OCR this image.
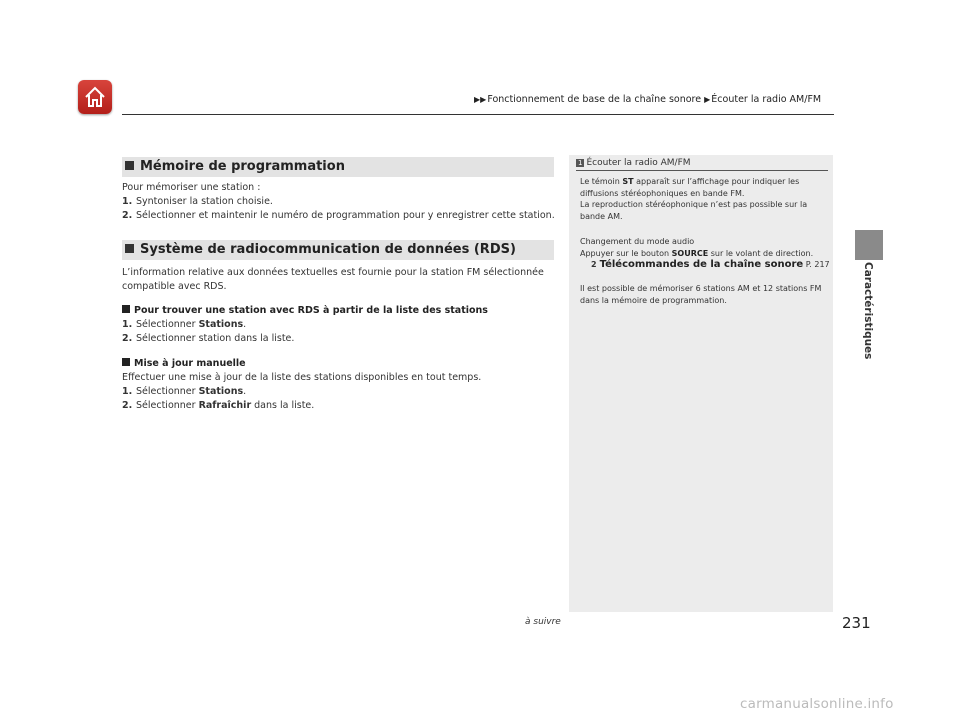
▶▶Fonctionnement de base de la chaîne sonore ▶Écouter la radio AM/FM
Mémoire de programmation
Pour mémoriser une station :
1. Syntoniser la station choisie.
2. Sélectionner et maintenir le numéro de programmation pour y enregistrer cette station.
Système de radiocommunication de données (RDS)
L’information relative aux données textuelles est fournie pour la station FM sélectionnée
compatible avec RDS.
Pour trouver une station avec RDS à partir de la liste des stations
1. Sélectionner Stations.
2. Sélectionner station dans la liste.
Mise à jour manuelle
Effectuer une mise à jour de la liste des stations disponibles en tout temps.
1. Sélectionner Stations.
2. Sélectionner Rafraîchir dans la liste.
1 Écouter la radio AM/FM
Le témoin ST apparaît sur l’affichage pour indiquer les
diffusions stéréophoniques en bande FM.
La reproduction stéréophonique n’est pas possible sur la
bande AM.
Changement du mode audio
Appuyer sur le bouton SOURCE sur le volant de direction.
2 Télécommandes de la chaîne sonore P. 217
Il est possible de mémoriser 6 stations AM et 12 stations FM
dans la mémoire de programmation.	Caractéristiques
à suivre	231
carmanualsonline.info
